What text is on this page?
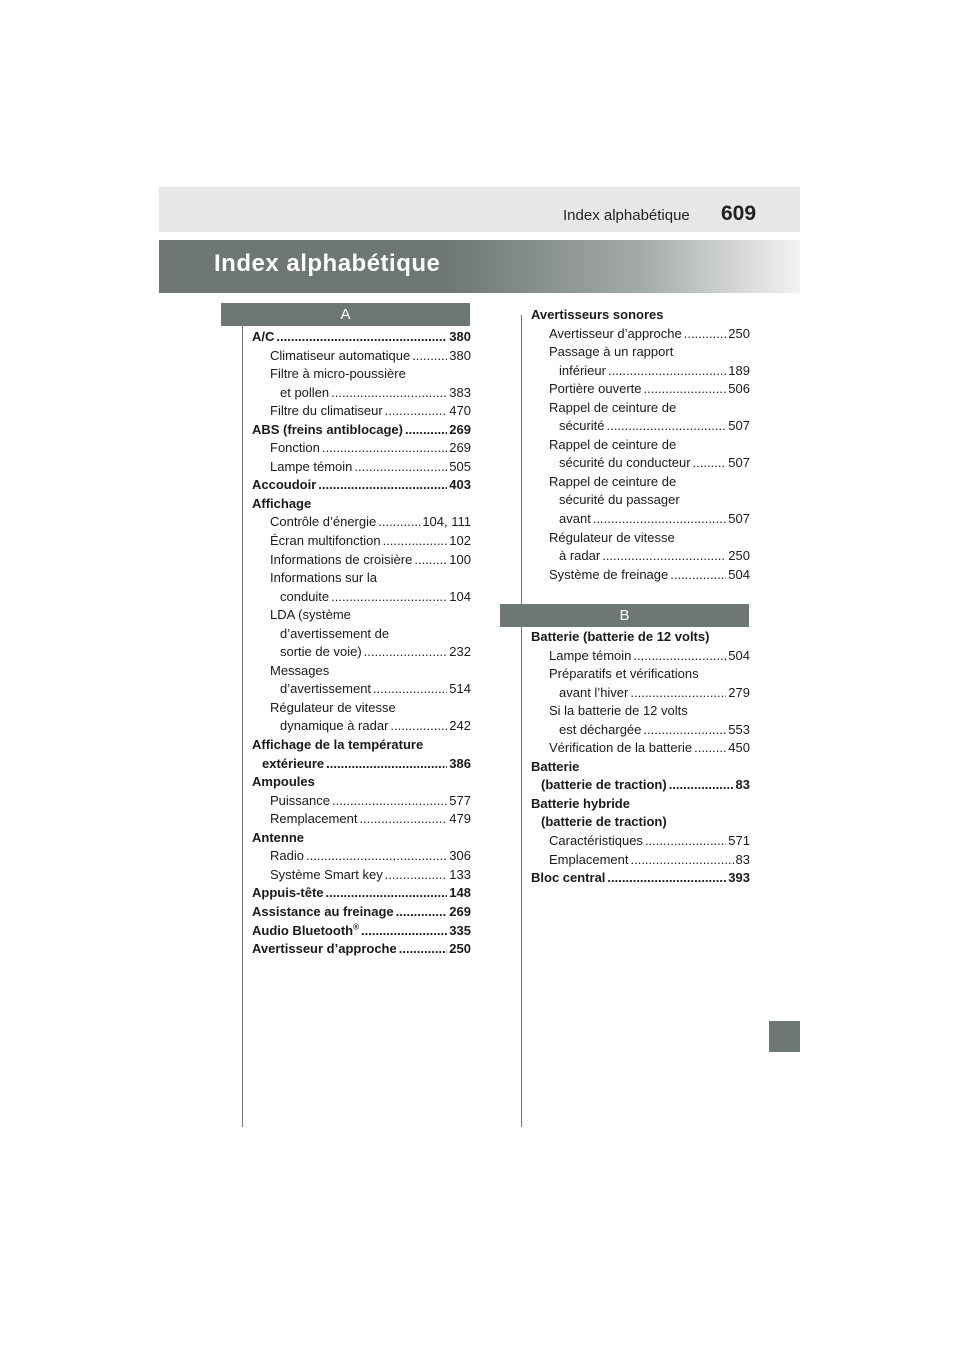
Index alphabétique 609
Index alphabétique
A
B
A/C .....	380
Climatiseur automatique .....	380
Filtre à micro-poussière
et pollen .....	383
Filtre du climatiseur .....	470
ABS (freins antiblocage) .....	269
Fonction .....	269
Lampe témoin .....	505
Accoudoir .....	403
Affichage
Contrôle d’énergie .....	104, 111
Écran multifonction .....	102
Informations de croisière .....	100
Informations sur la
conduite .....	104
LDA (système
d’avertissement de
sortie de voie) .....	232
Messages
d’avertissement .....	514
Régulateur de vitesse
dynamique à radar .....	242
Affichage de la température
extérieure .....	386
Ampoules
Puissance .....	577
Remplacement .....	479
Antenne
Radio .....	306
Système Smart key .....	133
Appuis-tête .....	148
Assistance au freinage .....	269
Audio Bluetooth® .....	335
Avertisseur d’approche .....	250
Avertisseurs sonores
Avertisseur d’approche .....	250
Passage à un rapport
inférieur .....	189
Portière ouverte .....	506
Rappel de ceinture de
sécurité .....	507
Rappel de ceinture de
sécurité du conducteur .....	507
Rappel de ceinture de
sécurité du passager
avant .....	507
Régulateur de vitesse
à radar .....	250
Système de freinage .....	504
Batterie (batterie de 12 volts)
Lampe témoin .....	504
Préparatifs et vérifications
avant l’hiver .....	279
Si la batterie de 12 volts
est déchargée .....	553
Vérification de la batterie .....	450
Batterie
(batterie de traction) .....	83
Batterie hybride
(batterie de traction)
Caractéristiques .....	571
Emplacement .....	83
Bloc central .....	393
